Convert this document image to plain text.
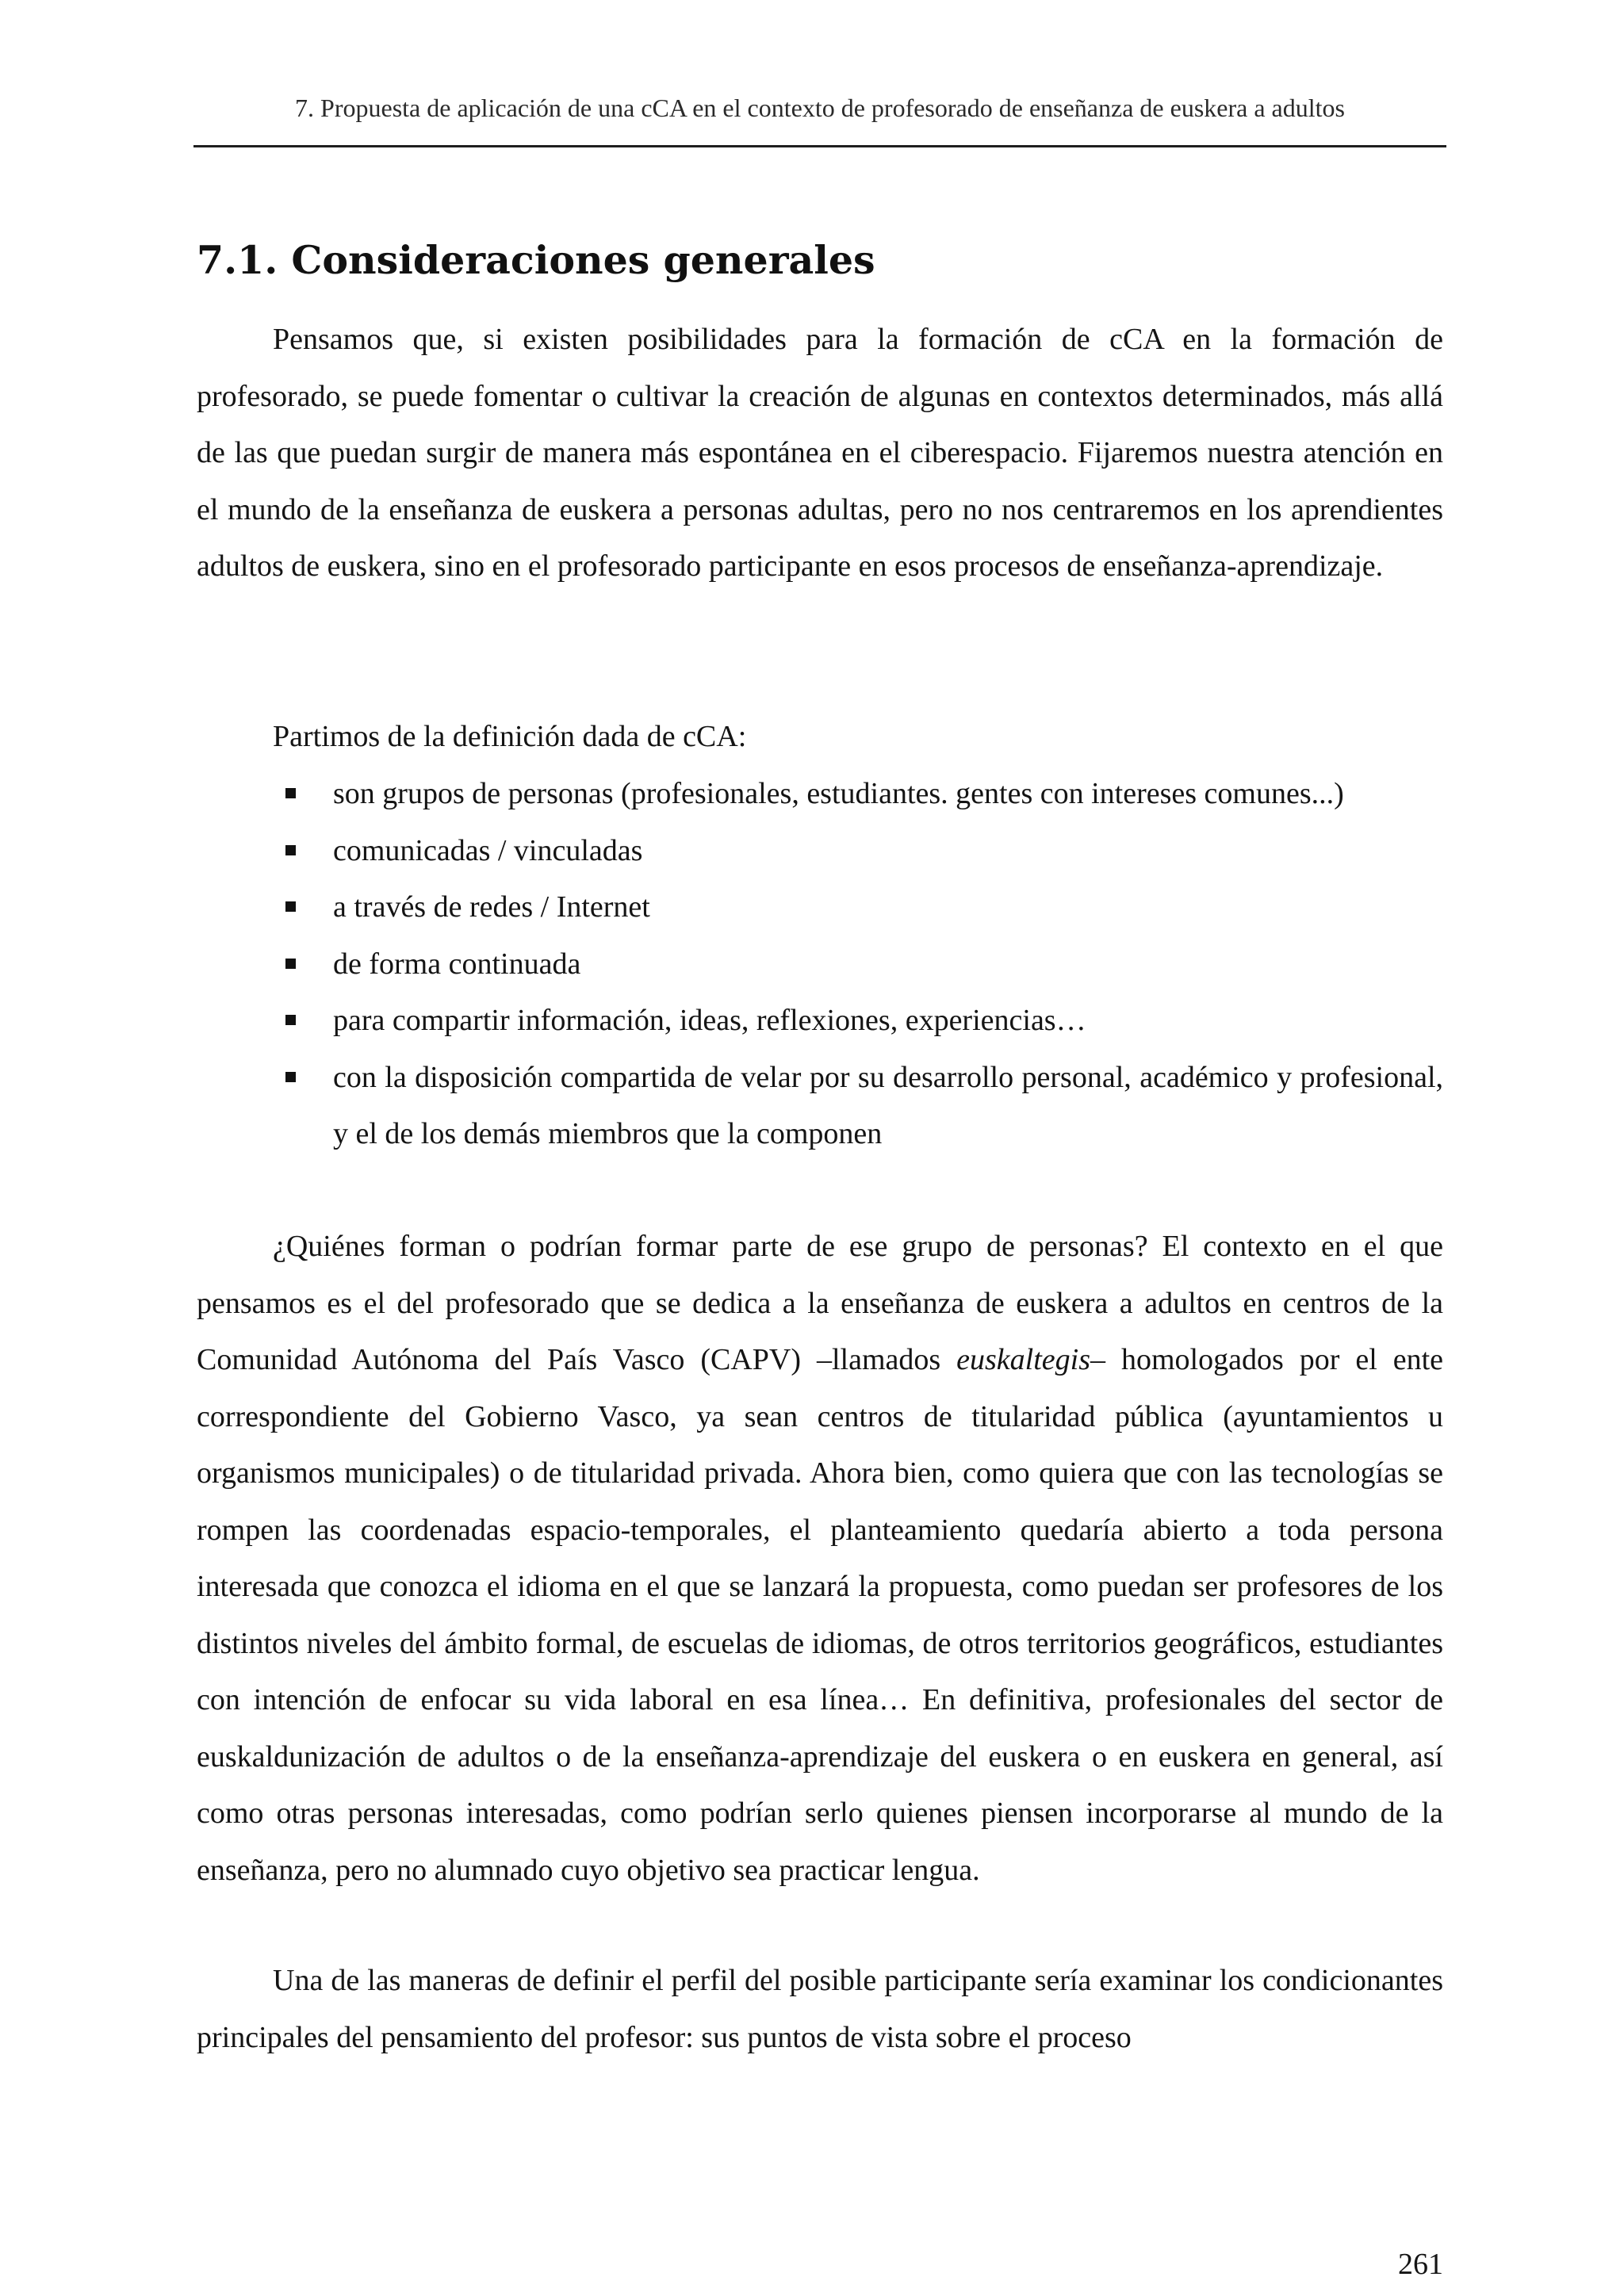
7. Propuesta de aplicación de una cCA en el contexto de profesorado de enseñanza de euskera a adultos
7.1. Consideraciones generales

Pensamos que, si existen posibilidades para la formación de cCA en la formación de profesorado, se puede fomentar o cultivar la creación de algunas en contextos determinados, más allá de las que puedan surgir de manera más espontánea en el ciberespacio. Fijaremos nuestra atención en el mundo de la enseñanza de euskera a personas adultas, pero no nos centraremos en los aprendientes adultos de euskera, sino en el profesorado participante en esos procesos de enseñanza-aprendizaje.

Partimos de la definición dada de cCA:

son grupos de personas (profesionales, estudiantes. gentes con intereses comunes...)
comunicadas / vinculadas
a través de redes / Internet
de forma continuada
para compartir información, ideas, reflexiones, experiencias…
con la disposición compartida de velar por su desarrollo personal, académico y profesional, y el de los demás miembros que la componen

¿Quiénes forman o podrían formar parte de ese grupo de personas? El contexto en el que pensamos es el del profesorado que se dedica a la enseñanza de euskera a adultos en centros de la Comunidad Autónoma del País Vasco (CAPV) –llamados euskaltegis– homologados por el ente correspondiente del Gobierno Vasco, ya sean centros de titularidad pública (ayuntamientos u organismos municipales) o de titularidad privada. Ahora bien, como quiera que con las tecnologías se rompen las coordenadas espacio-temporales, el planteamiento quedaría abierto a toda persona interesada que conozca el idioma en el que se lanzará la propuesta, como puedan ser profesores de los distintos niveles del ámbito formal, de escuelas de idiomas, de otros territorios geográficos, estudiantes con intención de enfocar su vida laboral en esa línea… En definitiva, profesionales del sector de euskaldunización de adultos o de la enseñanza-aprendizaje del euskera o en euskera en general, así como otras personas interesadas, como podrían serlo quienes piensen incorporarse al mundo de la enseñanza, pero no alumnado cuyo objetivo sea practicar lengua.

Una de las maneras de definir el perfil del posible participante sería examinar los condicionantes principales del pensamiento del profesor: sus puntos de vista sobre el proceso

261
